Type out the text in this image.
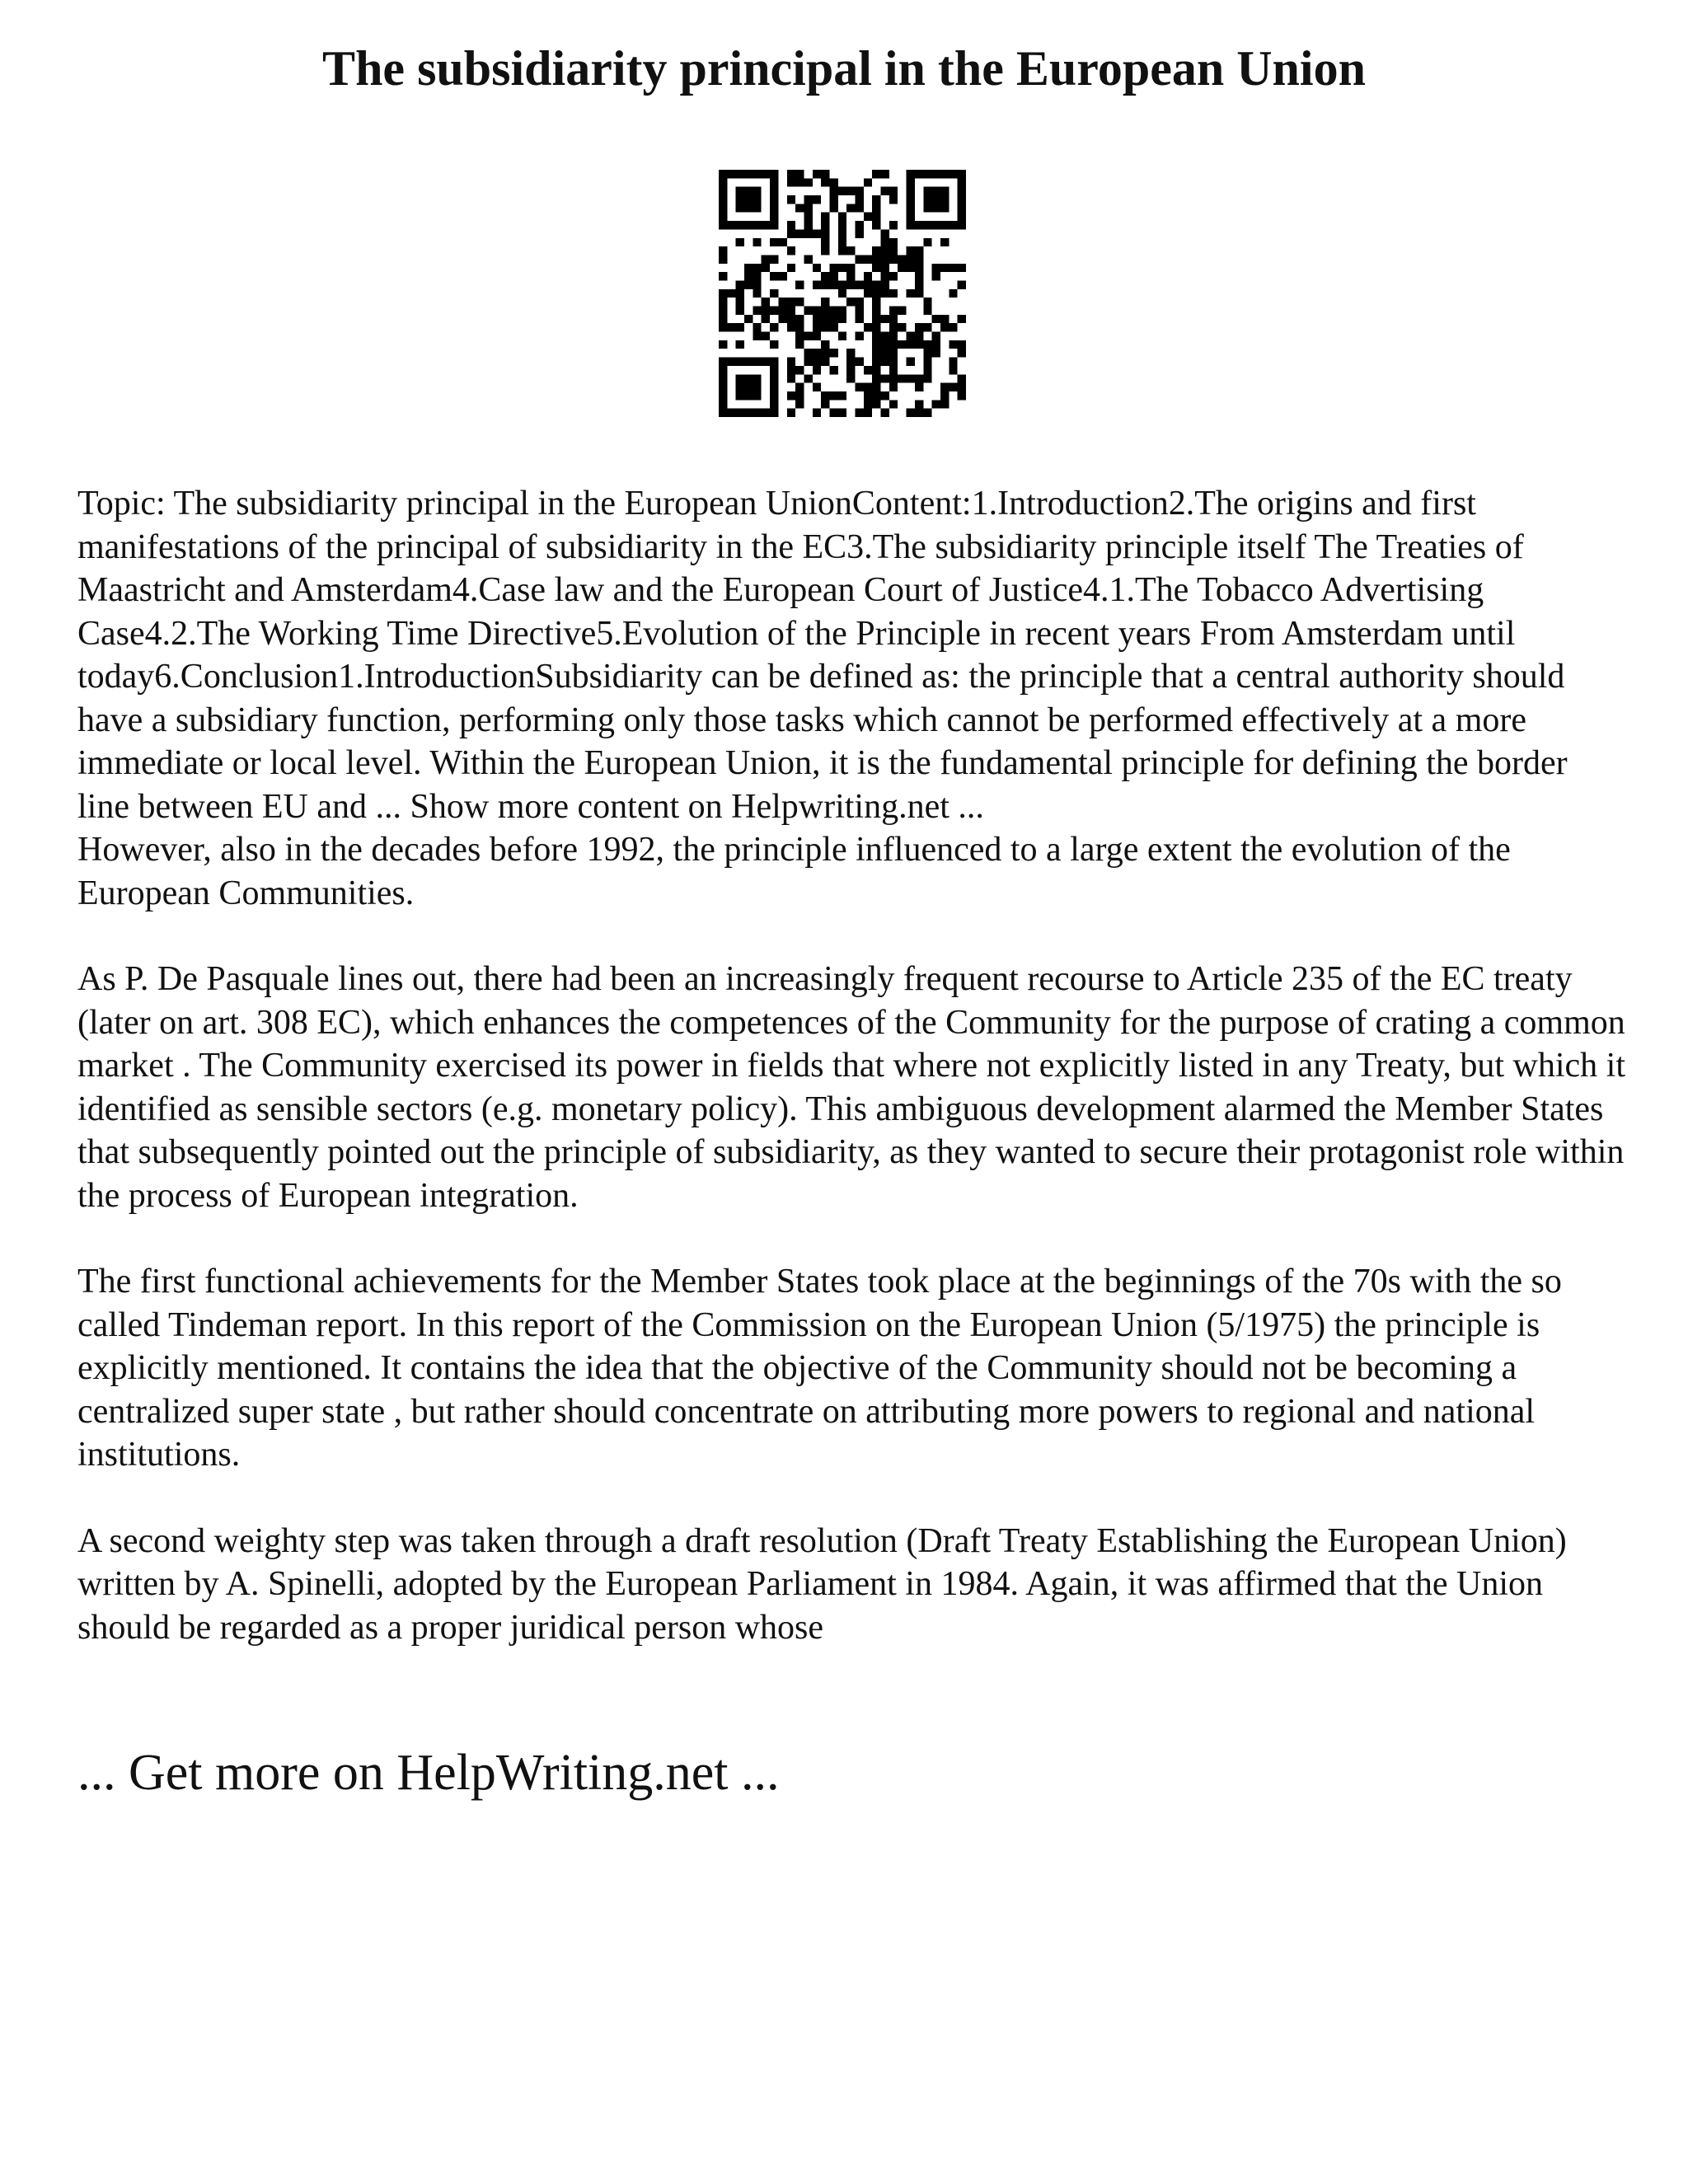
The subsidiarity principal in the European Union

Topic: The subsidiarity principal in the European UnionContent:1.Introduction2.The origins and first manifestations of the principal of subsidiarity in the EC3.The subsidiarity principle itself The Treaties of Maastricht and Amsterdam4.Case law and the European Court of Justice4.1.The Tobacco Advertising Case4.2.The Working Time Directive5.Evolution of the Principle in recent years From Amsterdam until today6.Conclusion1.IntroductionSubsidiarity can be defined as: the principle that a central authority should have a subsidiary function, performing only those tasks which cannot be performed effectively at a more immediate or local level. Within the European Union, it is the fundamental principle for defining the border line between EU and ... Show more content on Helpwriting.net ...

However, also in the decades before 1992, the principle influenced to a large extent the evolution of the European Communities.

As P. De Pasquale lines out, there had been an increasingly frequent recourse to Article 235 of the EC treaty (later on art. 308 EC), which enhances the competences of the Community for the purpose of crating a common market . The Community exercised its power in fields that where not explicitly listed in any Treaty, but which it identified as sensible sectors (e.g. monetary policy). This ambiguous development alarmed the Member States that subsequently pointed out the principle of subsidiarity, as they wanted to secure their protagonist role within the process of European integration.

The first functional achievements for the Member States took place at the beginnings of the 70s with the so called Tindeman report. In this report of the Commission on the European Union (5/1975) the principle is explicitly mentioned. It contains the idea that the objective of the Community should not be becoming a centralized super state , but rather should concentrate on attributing more powers to regional and national institutions.

A second weighty step was taken through a draft resolution (Draft Treaty Establishing the European Union) written by A. Spinelli, adopted by the European Parliament in 1984. Again, it was affirmed that the Union should be regarded as a proper juridical person whose

... Get more on HelpWriting.net ...
